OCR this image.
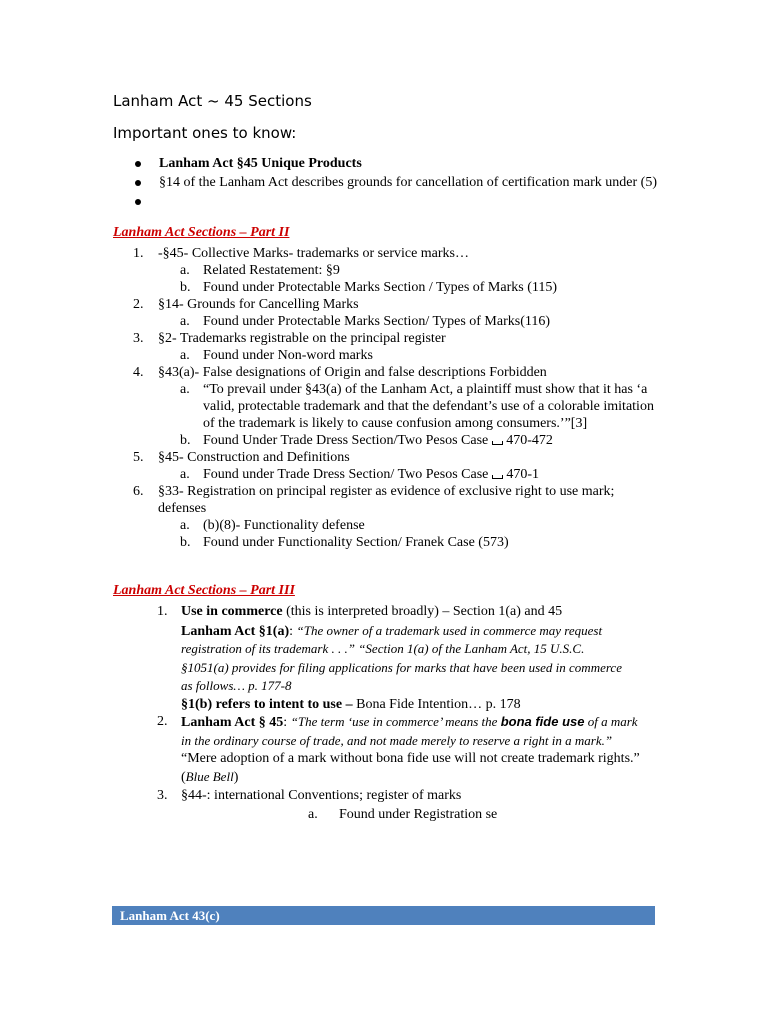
Lanham Act ~ 45 Sections
Important ones to know:
Lanham Act §45 Unique Products
§14 of the Lanham Act describes grounds for cancellation of certification mark under (5)
Lanham Act Sections – Part II
1. -§45- Collective Marks- trademarks or service marks…
a. Related Restatement: §9
b. Found under Protectable Marks Section / Types of Marks (115)
2. §14- Grounds for Cancelling Marks
a. Found under Protectable Marks Section/ Types of Marks(116)
3. §2- Trademarks registrable on the principal register
a. Found under Non-word marks
4. §43(a)- False designations of Origin and false descriptions Forbidden
a. “To prevail under §43(a) of the Lanham Act, a plaintiff must show that it has ‘a
valid, protectable trademark and that the defendant’s use of a colorable imitation
of the trademark is likely to cause confusion among consumers.’”[3]
b. Found Under Trade Dress Section/Two Pesos Case 470-472
5. §45- Construction and Definitions
a. Found under Trade Dress Section/ Two Pesos Case 470-1
6. §33- Registration on principal register as evidence of exclusive right to use mark;
defenses
a. (b)(8)- Functionality defense
b. Found under Functionality Section/ Franek Case (573)
Lanham Act Sections – Part III
1. Use in commerce (this is interpreted broadly) – Section 1(a) and 45
Lanham Act §1(a): “The owner of a trademark used in commerce may request
registration of its trademark . . .” “Section 1(a) of the Lanham Act, 15 U.S.C.
§1051(a) provides for filing applications for marks that have been used in commerce
as follows… p. 177-8
§1(b) refers to intent to use – Bona Fide Intention… p. 178
2. Lanham Act § 45: “The term ‘use in commerce’ means the bona fide use of a mark
in the ordinary course of trade, and not made merely to reserve a right in a mark.”
“Mere adoption of a mark without bona fide use will not create trademark rights.”
(Blue Bell)
3. §44-: international Conventions; register of marks
a. Found under Registration se
Lanham Act 43(c)
